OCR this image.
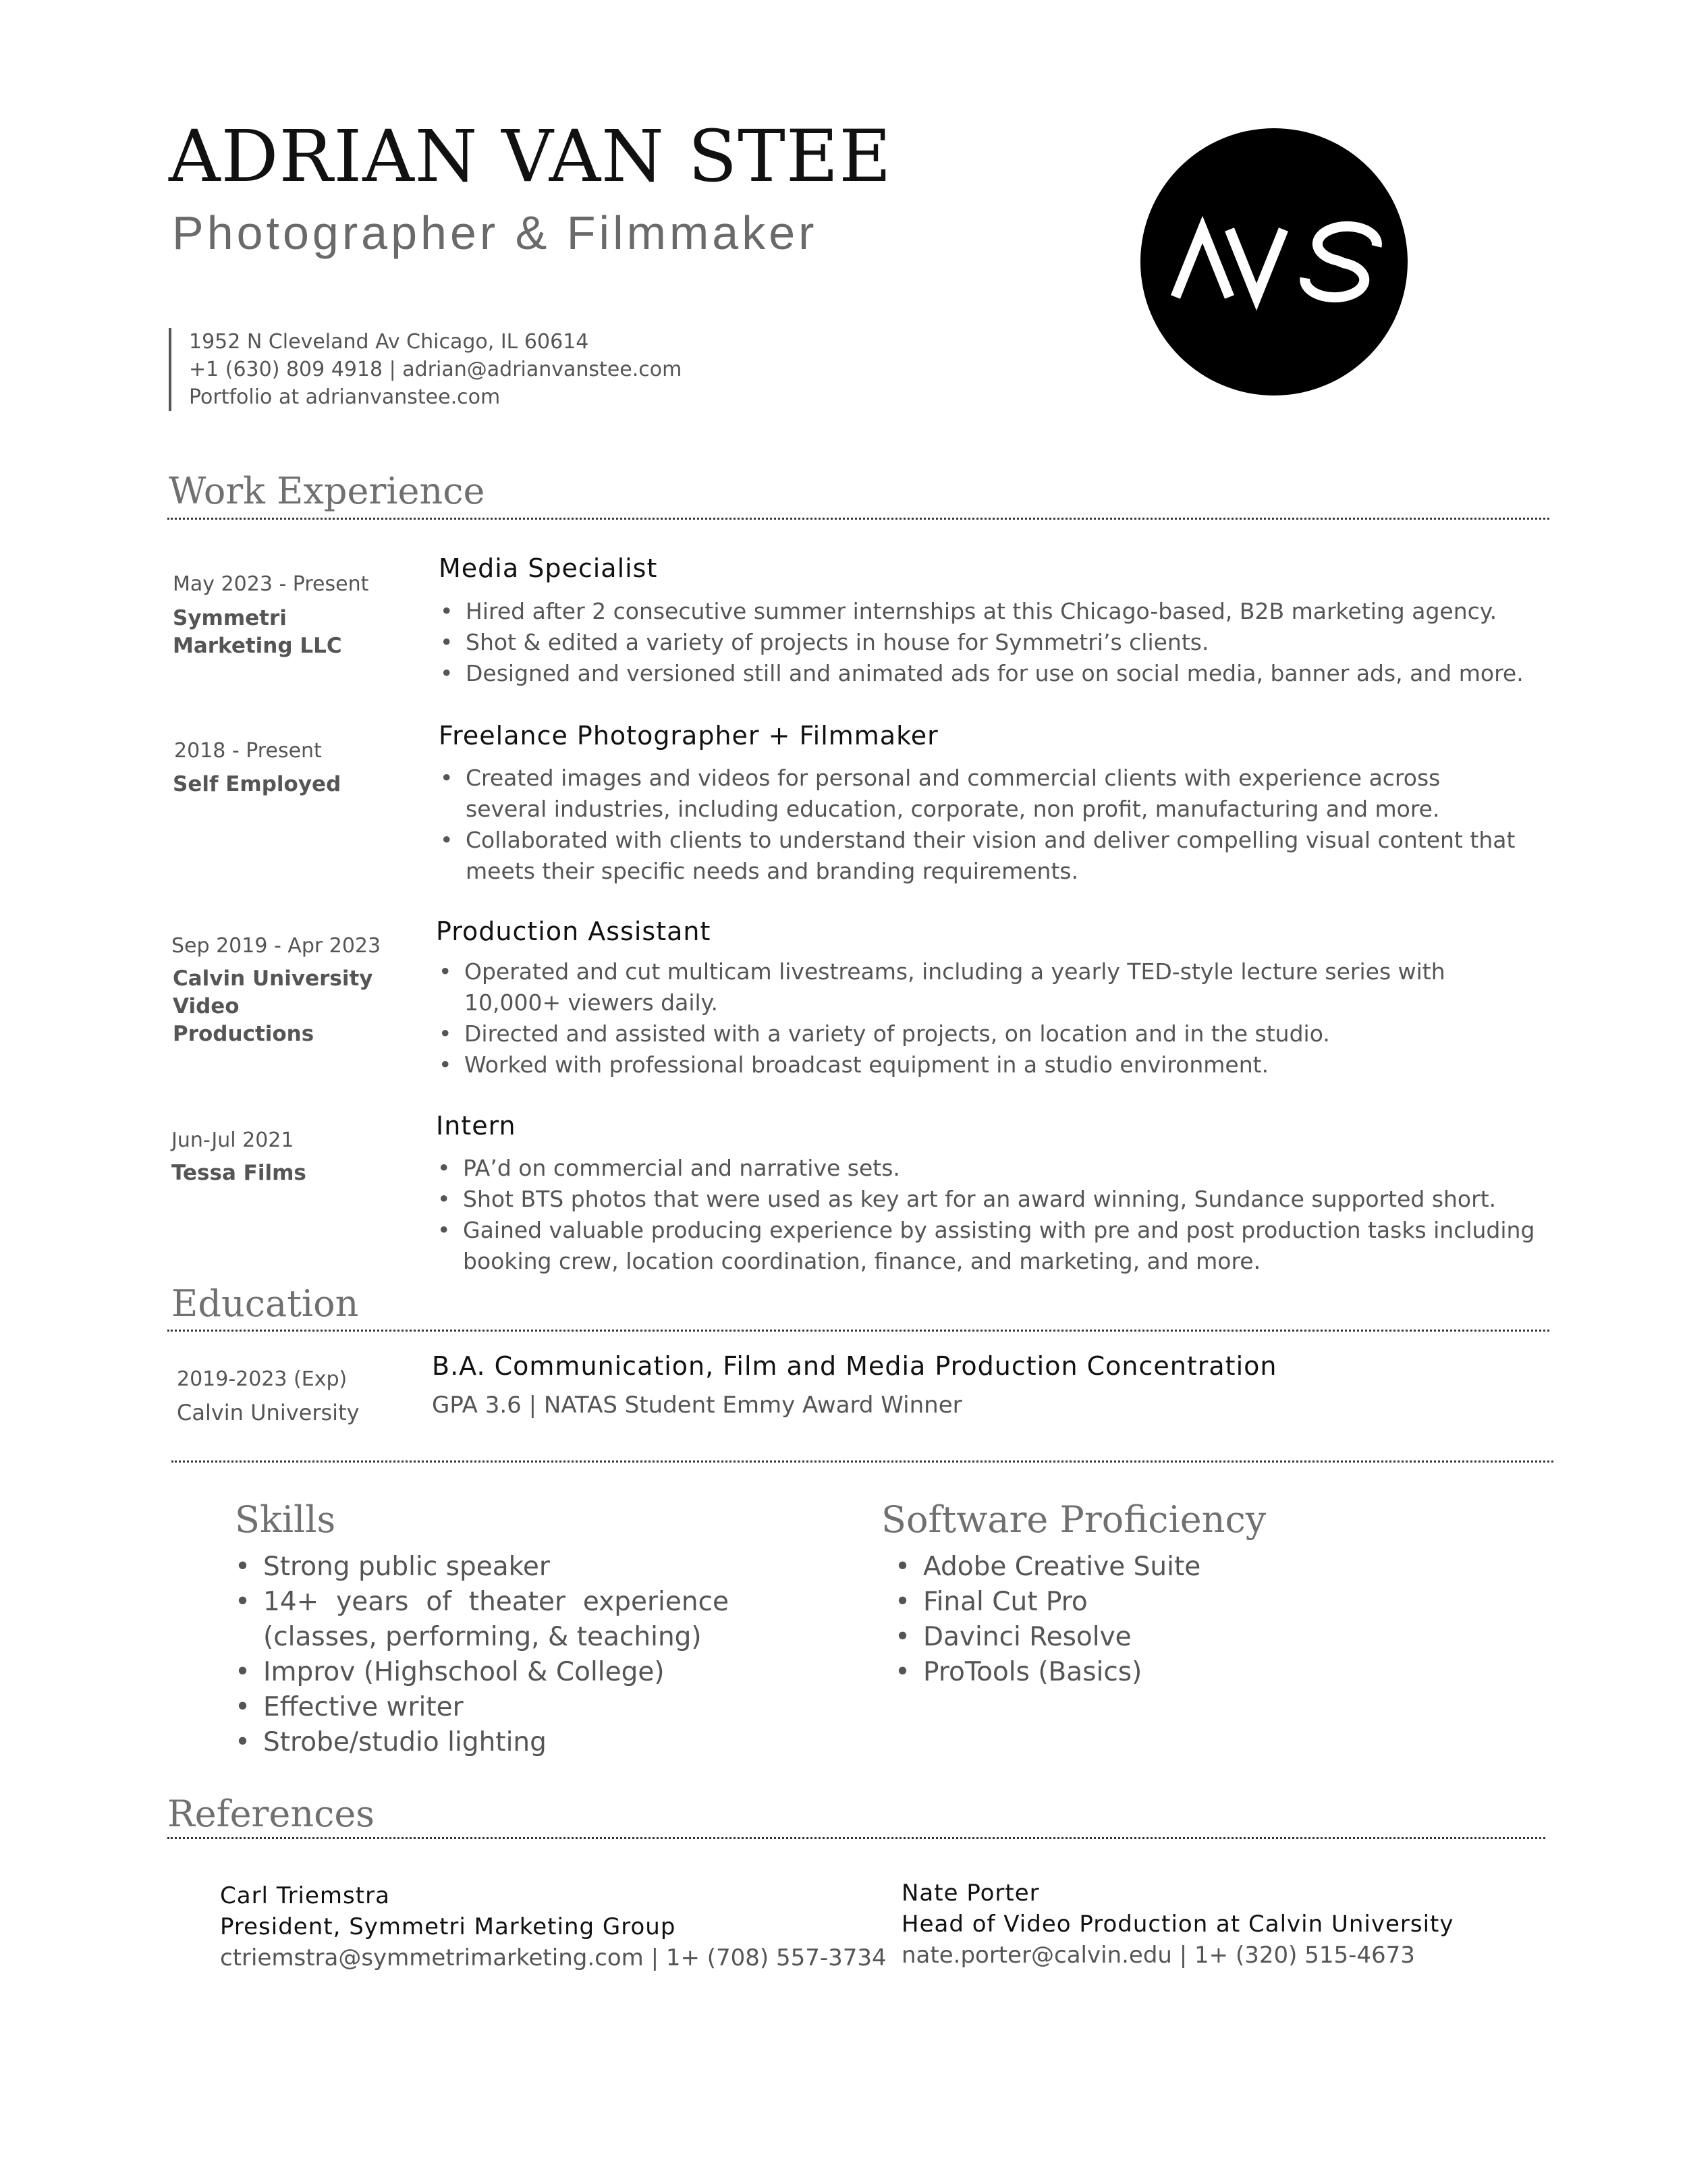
ADRIAN VAN STEE
Photographer & Filmmaker
1952 N Cleveland Av Chicago, IL 60614
+1 (630) 809 4918 | adrian@adrianvanstee.com
Portfolio at adrianvanstee.com
Work Experience
May 2023 - Present
Symmetri Marketing LLC
Media Specialist
• Hired after 2 consecutive summer internships at this Chicago-based, B2B marketing agency.
• Shot & edited a variety of projects in house for Symmetri’s clients.
• Designed and versioned still and animated ads for use on social media, banner ads, and more.
2018 - Present
Self Employed
Freelance Photographer + Filmmaker
• Created images and videos for personal and commercial clients with experience across several industries, including education, corporate, non profit, manufacturing and more.
• Collaborated with clients to understand their vision and deliver compelling visual content that meets their specific needs and branding requirements.
Sep 2019 - Apr 2023
Calvin University Video Productions
Production Assistant
• Operated and cut multicam livestreams, including a yearly TED-style lecture series with 10,000+ viewers daily.
• Directed and assisted with a variety of projects, on location and in the studio.
• Worked with professional broadcast equipment in a studio environment.
Jun-Jul 2021
Tessa Films
Intern
• PA’d on commercial and narrative sets.
• Shot BTS photos that were used as key art for an award winning, Sundance supported short.
• Gained valuable producing experience by assisting with pre and post production tasks including booking crew, location coordination, finance, and marketing, and more.
Education
2019-2023 (Exp)
Calvin University
B.A. Communication, Film and Media Production Concentration
GPA 3.6 | NATAS Student Emmy Award Winner
Skills
• Strong public speaker
• 14+ years of theater experience (classes, performing, & teaching)
• Improv (Highschool & College)
• Effective writer
• Strobe/studio lighting
Software Proficiency
• Adobe Creative Suite
• Final Cut Pro
• Davinci Resolve
• ProTools (Basics)
References
Carl Triemstra
President, Symmetri Marketing Group
ctriemstra@symmetrimarketing.com | 1+ (708) 557-3734
Nate Porter
Head of Video Production at Calvin University
nate.porter@calvin.edu | 1+ (320) 515-4673
